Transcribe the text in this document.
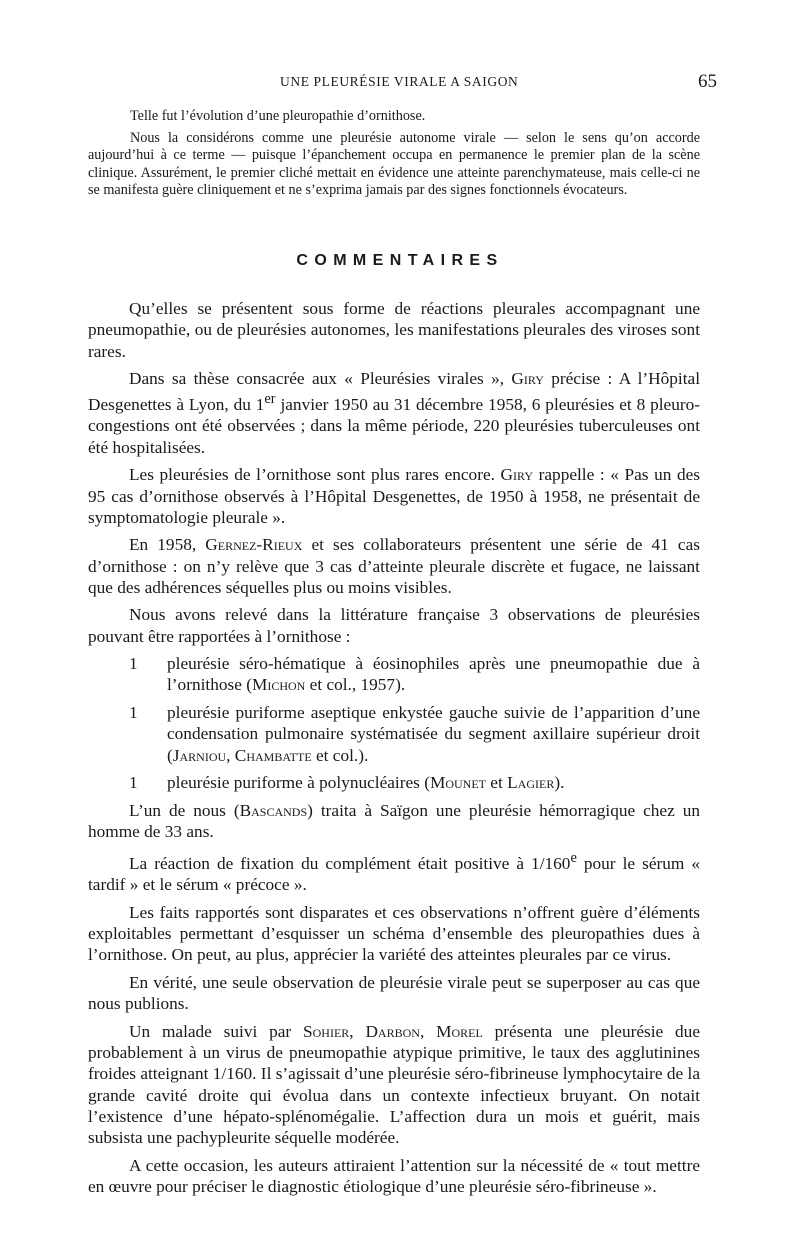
UNE PLEURÉSIE VIRALE A SAIGON	65

Telle fut l’évolution d’une pleuropathie d’ornithose.

Nous la considérons comme une pleurésie autonome virale — selon le sens qu’on accorde aujourd’hui à ce terme — puisque l’épanchement occupa en permanence le premier plan de la scène clinique. Assurément, le premier cliché mettait en évidence une atteinte parenchymateuse, mais celle-ci ne se manifesta guère cliniquement et ne s’exprima jamais par des signes fonctionnels évocateurs.

COMMENTAIRES

Qu’elles se présentent sous forme de réactions pleurales accompagnant une pneumopathie, ou de pleurésies autonomes, les manifestations pleurales des viroses sont rares.

Dans sa thèse consacrée aux « Pleurésies virales », Giry précise : A l’Hôpital Desgenettes à Lyon, du 1er janvier 1950 au 31 décembre 1958, 6 pleurésies et 8 pleuro-congestions ont été observées ; dans la même période, 220 pleurésies tuberculeuses ont été hospitalisées.

Les pleurésies de l’ornithose sont plus rares encore. Giry rappelle : « Pas un des 95 cas d’ornithose observés à l’Hôpital Desgenettes, de 1950 à 1958, ne présentait de symptomatologie pleurale ».

En 1958, Gernez-Rieux et ses collaborateurs présentent une série de 41 cas d’ornithose : on n’y relève que 3 cas d’atteinte pleurale discrète et fugace, ne laissant que des adhérences séquelles plus ou moins visibles.

Nous avons relevé dans la littérature française 3 observations de pleurésies pouvant être rapportées à l’ornithose :

1 pleurésie séro-hématique à éosinophiles après une pneumopathie due à l’ornithose (Michon et col., 1957).

1 pleurésie puriforme aseptique enkystée gauche suivie de l’apparition d’une condensation pulmonaire systématisée du segment axillaire supérieur droit (Jarniou, Chambatte et col.).

1 pleurésie puriforme à polynucléaires (Mounet et Lagier).

L’un de nous (Bascands) traita à Saïgon une pleurésie hémorragique chez un homme de 33 ans.

La réaction de fixation du complément était positive à 1/160e pour le sérum « tardif » et le sérum « précoce ».

Les faits rapportés sont disparates et ces observations n’offrent guère d’éléments exploitables permettant d’esquisser un schéma d’ensemble des pleuropathies dues à l’ornithose. On peut, au plus, apprécier la variété des atteintes pleurales par ce virus.

En vérité, une seule observation de pleurésie virale peut se superposer au cas que nous publions.

Un malade suivi par Sohier, Darbon, Morel présenta une pleurésie due probablement à un virus de pneumopathie atypique primitive, le taux des agglutinines froides atteignant 1/160. Il s’agissait d’une pleurésie séro-fibrineuse lymphocytaire de la grande cavité droite qui évolua dans un contexte infectieux bruyant. On notait l’existence d’une hépato-splénomégalie. L’affection dura un mois et guérit, mais subsista une pachypleurite séquelle modérée.

A cette occasion, les auteurs attiraient l’attention sur la nécessité de « tout mettre en œuvre pour préciser le diagnostic étiologique d’une pleurésie séro-fibrineuse ».
